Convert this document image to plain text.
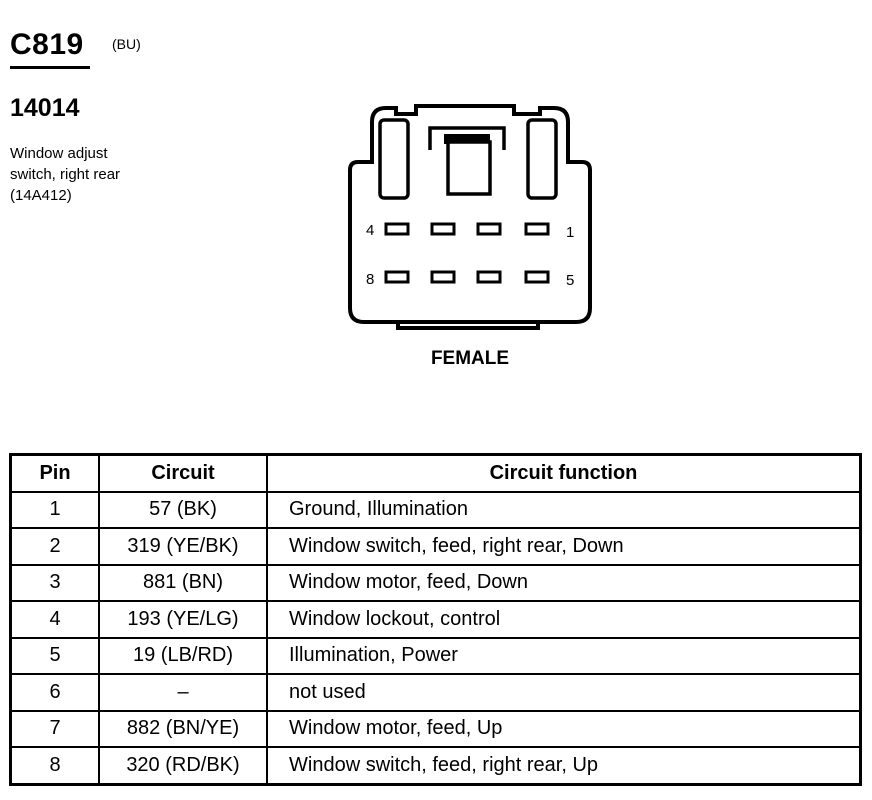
C819 (BU)
14014
Window adjust
switch, right rear
(14A412)
4	1
8	5
FEMALE
Pin	Circuit	Circuit function
1	57 (BK)	Ground, Illumination
2	319 (YE/BK)	Window switch, feed, right rear, Down
3	881 (BN)	Window motor, feed, Down
4	193 (YE/LG)	Window lockout, control
5	19 (LB/RD)	Illumination, Power
6	–	not used
7	882 (BN/YE)	Window motor, feed, Up
8	320 (RD/BK)	Window switch, feed, right rear, Up
